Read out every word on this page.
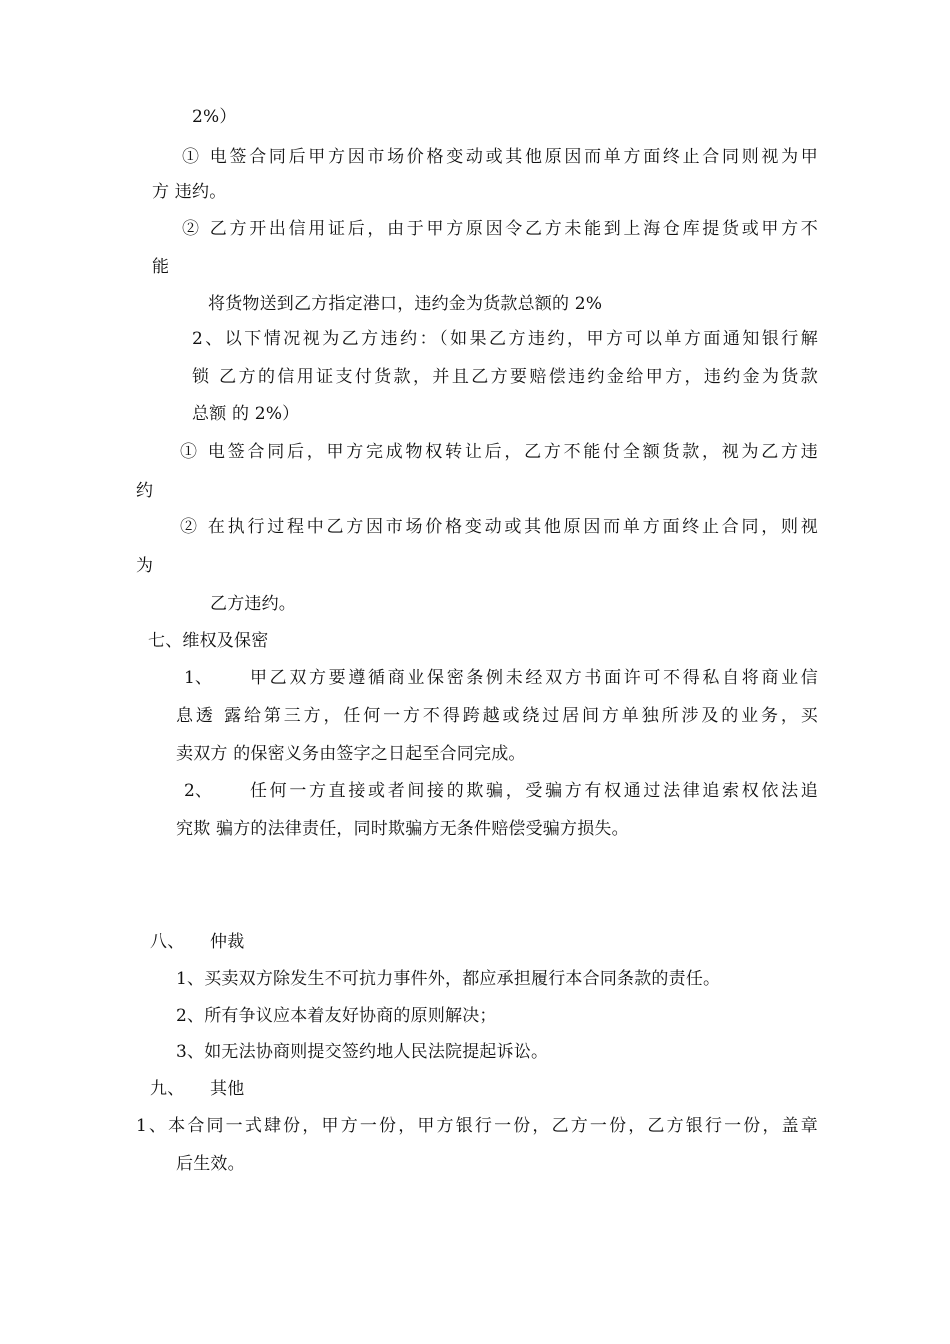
2%）
① 电签合同后甲方因市场价格变动或其他原因而单方面终止合同则视为甲
方 违约。
② 乙方开出信用证后，由于甲方原因令乙方未能到上海仓库提货或甲方不
能
将货物送到乙方指定港口，违约金为货款总额的 2%
2、以下情况视为乙方违约：（如果乙方违约，甲方可以单方面通知银行解
锁 乙方的信用证支付货款，并且乙方要赔偿违约金给甲方，违约金为货款
总额 的 2%）
① 电签合同后，甲方完成物权转让后，乙方不能付全额货款，视为乙方违
约
② 在执行过程中乙方因市场价格变动或其他原因而单方面终止合同，则视
为
乙方违约。
七、维权及保密
1、 甲乙双方要遵循商业保密条例未经双方书面许可不得私自将商业信
息透 露给第三方，任何一方不得跨越或绕过居间方单独所涉及的业务，买
卖双方 的保密义务由签字之日起至合同完成。
2、 任何一方直接或者间接的欺骗，受骗方有权通过法律追索权依法追
究欺 骗方的法律责任，同时欺骗方无条件赔偿受骗方损失。
八、 仲裁
1、买卖双方除发生不可抗力事件外，都应承担履行本合同条款的责任。
2、所有争议应本着友好协商的原则解决；
3、如无法协商则提交签约地人民法院提起诉讼。
九、 其他
1、本合同一式肆份，甲方一份，甲方银行一份，乙方一份，乙方银行一份，盖章
后生效。
